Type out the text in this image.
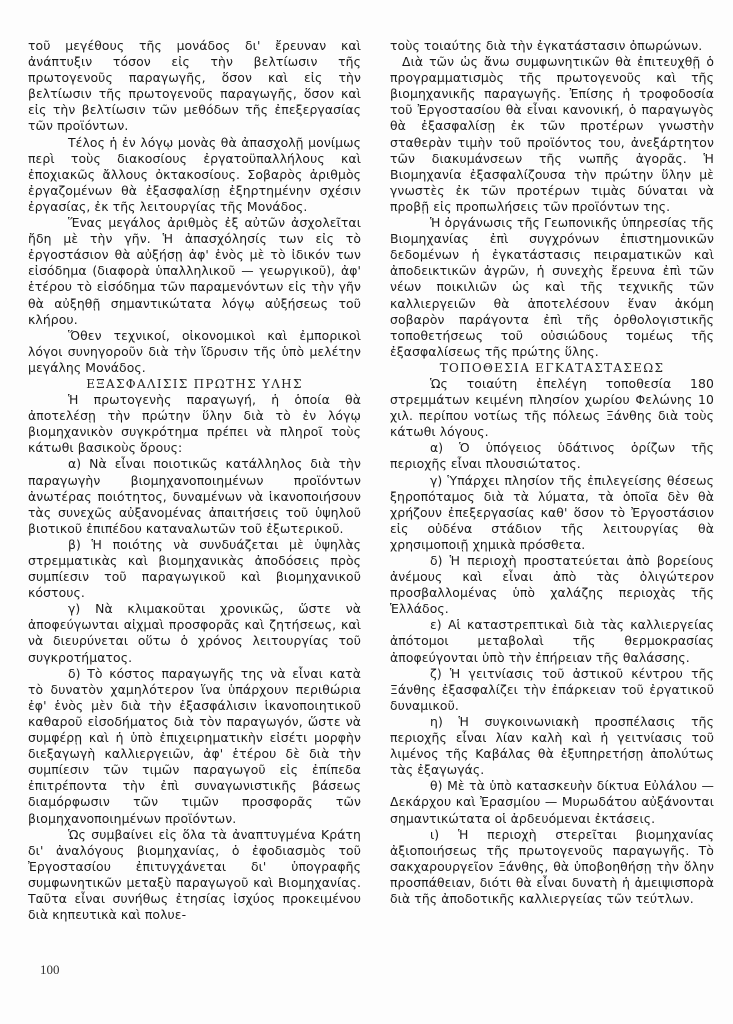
τοῦ μεγέθους τῆς μονάδος δι' ἔρευναν καὶ ἀνάπτυξιν τόσον εἰς τὴν βελτίωσιν τῆς πρωτογενοῦς παραγωγῆς, ὅσον καὶ εἰς τὴν βελτίωσιν τῆς πρωτογενοῦς παραγωγῆς, ὅσον καὶ εἰς τὴν βελτίωσιν τῶν μεθόδων τῆς ἐπεξεργασίας τῶν προϊόντων.

Τέλος ἡ ἐν λόγῳ μονὰς θὰ ἀπασχολῇ μονίμως περὶ τοὺς διακοσίους ἐργατοϋπαλλήλους καὶ ἐποχιακῶς ἄλλους ὀκτακοσίους. Σοβαρὸς ἀριθμὸς ἐργαζομένων θὰ ἐξασφαλίσῃ ἐξηρτημένην σχέσιν ἐργασίας, ἐκ τῆς λειτουργίας τῆς Μονάδος.

Ἕνας μεγάλος ἀριθμὸς ἐξ αὐτῶν ἀσχολεῖται ἤδη μὲ τὴν γῆν. Ἡ ἀπασχόλησίς των εἰς τὸ ἐργοστάσιον θὰ αὐξήσῃ ἀφ' ἑνὸς μὲ τὸ ἰδικόν των εἰσόδημα (διαφορὰ ὑπαλληλικοῦ — γεωργικοῦ), ἀφ' ἑτέρου τὸ εἰσόδημα τῶν παραμενόντων εἰς τὴν γῆν θὰ αὐξηθῇ σημαντικώτατα λόγῳ αὐξήσεως τοῦ κλήρου.

Ὅθεν τεχνικοί, οἰκονομικοὶ καὶ ἐμπορικοὶ λόγοι συνηγοροῦν διὰ τὴν ἵδρυσιν τῆς ὑπὸ μελέτην μεγάλης Μονάδος.

ΕΞΑΣΦΑΛΙΣΙΣ ΠΡΩΤΗΣ ΥΛΗΣ

Ἡ πρωτογενὴς παραγωγή, ἡ ὁποία θὰ ἀποτελέσῃ τὴν πρώτην ὕλην διὰ τὸ ἐν λόγῳ βιομηχανικὸν συγκρότημα πρέπει νὰ πληροῖ τοὺς κάτωθι βασικοὺς ὅρους:

α) Νὰ εἶναι ποιοτικῶς κατάλληλος διὰ τὴν παραγωγὴν βιομηχανοποιημένων προϊόντων ἀνωτέρας ποιότητος, δυναμένων νὰ ἱκανοποιήσουν τὰς συνεχῶς αὐξανομένας ἀπαιτήσεις τοῦ ὑψηλοῦ βιοτικοῦ ἐπιπέδου καταναλωτῶν τοῦ ἐξωτερικοῦ.

β) Ἡ ποιότης νὰ συνδυάζεται μὲ ὑψηλὰς στρεμματικὰς καὶ βιομηχανικὰς ἀποδόσεις πρὸς συμπίεσιν τοῦ παραγωγικοῦ καὶ βιομηχανικοῦ κόστους.

γ) Νὰ κλιμακοῦται χρονικῶς, ὥστε νὰ ἀποφεύγωνται αἰχμαὶ προσφορᾶς καὶ ζητήσεως, καὶ νὰ διευρύνεται οὕτω ὁ χρόνος λειτουργίας τοῦ συγκροτήματος.

δ) Τὸ κόστος παραγωγῆς της νὰ εἶναι κατὰ τὸ δυνατὸν χαμηλότερον ἵνα ὑπάρχουν περιθώρια ἐφ' ἑνὸς μὲν διὰ τὴν ἐξασφάλισιν ἱκανοποιητικοῦ καθαροῦ εἰσοδήματος διὰ τὸν παραγωγόν, ὥστε νὰ συμφέρῃ καὶ ἡ ὑπὸ ἐπιχειρηματικὴν εἰσέτι μορφὴν διεξαγωγὴ καλλιεργειῶν, ἀφ' ἑτέρου δὲ διὰ τὴν συμπίεσιν τῶν τιμῶν παραγωγοῦ εἰς ἐπίπεδα ἐπιτρέποντα τὴν ἐπὶ συναγωνιστικῆς βάσεως διαμόρφωσιν τῶν τιμῶν προσφορᾶς τῶν βιομηχανοποιημένων προϊόντων.

Ὡς συμβαίνει εἰς ὅλα τὰ ἀναπτυγμένα Κράτη δι' ἀναλόγους βιομηχανίας, ὁ ἐφοδιασμὸς τοῦ Ἐργοστασίου ἐπιτυγχάνεται δι' ὑπογραφῆς συμφωνητικῶν μεταξὺ παραγωγοῦ καὶ Βιομηχανίας. Ταῦτα εἶναι συνήθως ἐτησίας ἰσχύος προκειμένου διὰ κηπευτικὰ καὶ πολυε-

τοὺς τοιαύτης διὰ τὴν ἐγκατάστασιν ὀπωρώνων.

Διὰ τῶν ὡς ἄνω συμφωνητικῶν θὰ ἐπιτευχθῇ ὁ προγραμματισμὸς τῆς πρωτογενοῦς καὶ τῆς βιομηχανικῆς παραγωγῆς. Ἐπίσης ἡ τροφοδοσία τοῦ Ἐργοστασίου θὰ εἶναι κανονική, ὁ παραγωγὸς θὰ ἐξασφαλίσῃ ἐκ τῶν προτέρων γνωστὴν σταθερὰν τιμὴν τοῦ προϊόντος του, ἀνεξάρτητον τῶν διακυμάνσεων τῆς νωπῆς ἀγορᾶς. Ἡ Βιομηχανία ἐξασφαλίζουσα τὴν πρώτην ὕλην μὲ γνωστὲς ἐκ τῶν προτέρων τιμὰς δύναται νὰ προβῇ εἰς προπωλήσεις τῶν προϊόντων της.

Ἡ ὀργάνωσις τῆς Γεωπονικῆς ὑπηρεσίας τῆς Βιομηχανίας ἐπὶ συγχρόνων ἐπιστημονικῶν δεδομένων ἡ ἐγκατάστασις πειραματικῶν καὶ ἀποδεικτικῶν ἀγρῶν, ἡ συνεχὴς ἔρευνα ἐπὶ τῶν νέων ποικιλιῶν ὡς καὶ τῆς τεχνικῆς τῶν καλλιεργειῶν θὰ ἀποτελέσουν ἕναν ἀκόμη σοβαρὸν παράγοντα ἐπὶ τῆς ὀρθολογιστικῆς τοποθετήσεως τοῦ οὐσιώδους τομέως τῆς ἐξασφαλίσεως τῆς πρώτης ὕλης.

ΤΟΠΟΘΕΣΙΑ ΕΓΚΑΤΑΣΤΑΣΕΩΣ

Ὡς τοιαύτη ἐπελέγη τοποθεσία 180 στρεμμάτων κειμένη πλησίον χωρίου Φελώνης 10 χιλ. περίπου νοτίως τῆς πόλεως Ξάνθης διὰ τοὺς κάτωθι λόγους.

α) Ὁ ὑπόγειος ὑδάτινος ὁρίζων τῆς περιοχῆς εἶναι πλουσιώτατος.

γ) Ὑπάρχει πλησίον τῆς ἐπιλεγείσης θέσεως ξηροπόταμος διὰ τὰ λύματα, τὰ ὁποῖα δὲν θὰ χρήζουν ἐπεξεργασίας καθ' ὅσον τὸ Ἐργοστάσιον εἰς οὐδένα στάδιον τῆς λειτουργίας θὰ χρησιμοποιῇ χημικὰ πρόσθετα.

δ) Ἡ περιοχὴ προστατεύεται ἀπὸ βορείους ἀνέμους καὶ εἶναι ἀπὸ τὰς ὀλιγώτερον προσβαλλομένας ὑπὸ χαλάζης περιοχὰς τῆς Ἑλλάδος.

ε) Αἱ καταστρεπτικαὶ διὰ τὰς καλλιεργείας ἀπότομοι μεταβολαὶ τῆς θερμοκρασίας ἀποφεύγονται ὑπὸ τὴν ἐπήρειαν τῆς θαλάσσης.

ζ) Ἡ γειτνίασις τοῦ ἀστικοῦ κέντρου τῆς Ξάνθης ἐξασφαλίζει τὴν ἐπάρκειαν τοῦ ἐργατικοῦ δυναμικοῦ.

η) Ἡ συγκοινωνιακὴ προσπέλασις τῆς περιοχῆς εἶναι λίαν καλὴ καὶ ἡ γειτνίασις τοῦ λιμένος τῆς Καβάλας θὰ ἐξυπηρετήσῃ ἀπολύτως τὰς ἐξαγωγάς.

θ) Μὲ τὰ ὑπὸ κατασκευὴν δίκτυα Εὐλάλου — Δεκάρχου καὶ Ἐρασμίου — Μυρωδάτου αὐξάνονται σημαντικώτατα οἱ ἀρδευόμεναι ἐκτάσεις.

ι) Ἡ περιοχὴ στερεῖται βιομηχανίας ἀξιοποιήσεως τῆς πρωτογενοῦς παραγωγῆς. Τὸ σακχαρουργεῖον Ξάνθης, θὰ ὑποβοηθήσῃ τὴν ὅλην προσπάθειαν, διότι θὰ εἶναι δυνατὴ ἡ ἀμειψισπορὰ διὰ τῆς ἀποδοτικῆς καλλιεργείας τῶν τεύτλων.

100
